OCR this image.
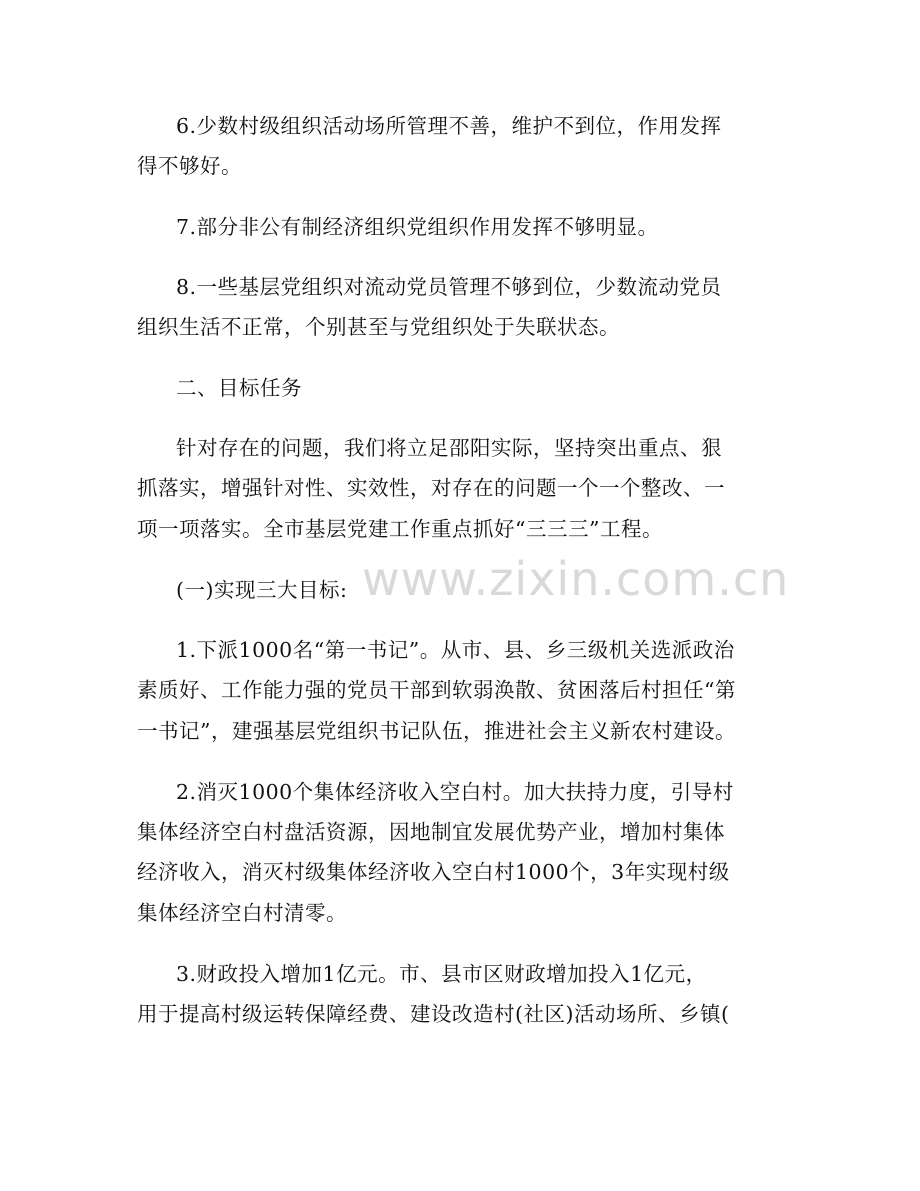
www.zixin.com.cn
6.少数村级组织活动场所管理不善，维护不到位，作用发挥
得不够好。
7.部分非公有制经济组织党组织作用发挥不够明显。
8.一些基层党组织对流动党员管理不够到位，少数流动党员
组织生活不正常，个别甚至与党组织处于失联状态。
二、目标任务
针对存在的问题，我们将立足邵阳实际，坚持突出重点、狠
抓落实，增强针对性、实效性，对存在的问题一个一个整改、一
项一项落实。全市基层党建工作重点抓好“三三三”工程。
(一)实现三大目标:
1.下派1000名“第一书记”。从市、县、乡三级机关选派政治
素质好、工作能力强的党员干部到软弱涣散、贫困落后村担任“第
一书记”，建强基层党组织书记队伍，推进社会主义新农村建设。
2.消灭1000个集体经济收入空白村。加大扶持力度，引导村
集体经济空白村盘活资源，因地制宜发展优势产业，增加村集体
经济收入，消灭村级集体经济收入空白村1000个，3年实现村级
集体经济空白村清零。
3.财政投入增加1亿元。市、县市区财政增加投入1亿元，
用于提高村级运转保障经费、建设改造村(社区)活动场所、乡镇(
